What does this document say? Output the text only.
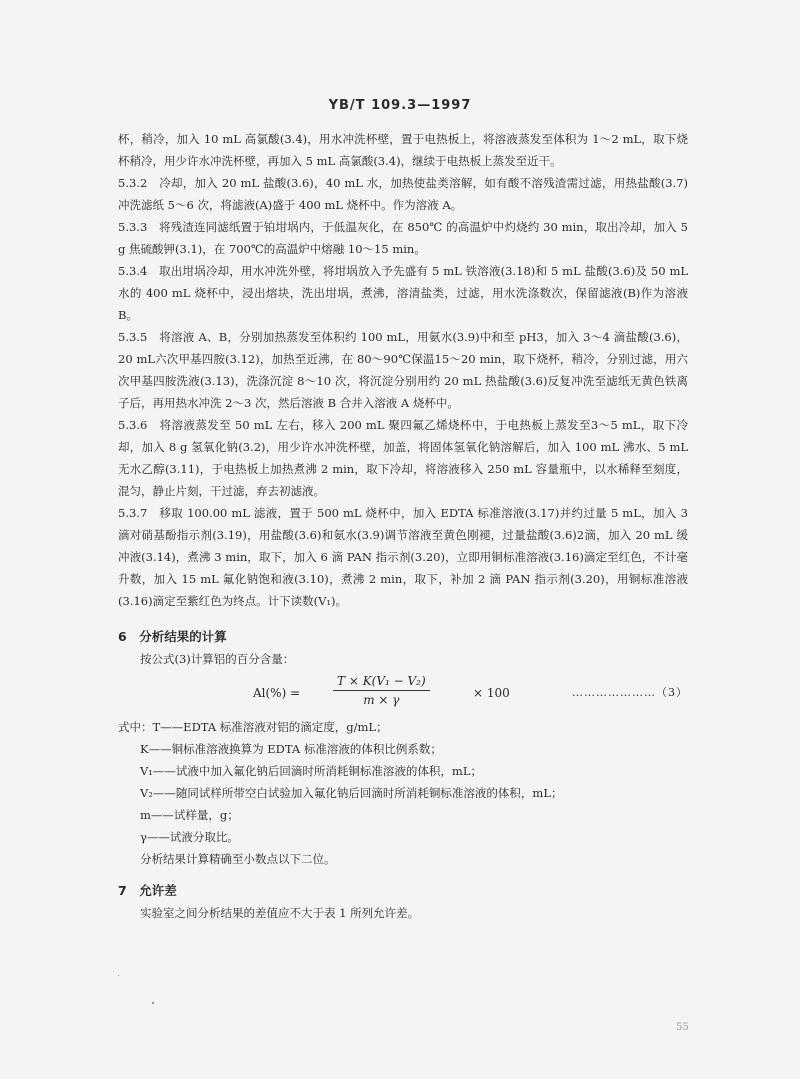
YB/T 109.3—1997

杯，稍冷，加入 10 mL 高氯酸(3.4)，用水冲洗杯壁，置于电热板上，将溶液蒸发至体积为 1～2 mL，取下烧杯稍冷，用少许水冲洗杯壁，再加入 5 mL 高氯酸(3.4)，继续于电热板上蒸发至近干。

5.3.2　冷却，加入 20 mL 盐酸(3.6)，40 mL 水，加热使盐类溶解，如有酸不溶残渣需过滤，用热盐酸(3.7)冲洗滤纸 5～6 次，将滤液(A)盛于 400 mL 烧杯中。作为溶液 A。

5.3.3　将残渣连同滤纸置于铂坩埚内，于低温灰化，在 850℃ 的高温炉中灼烧约 30 min，取出冷却，加入 5 g 焦硫酸钾(3.1)，在 700℃的高温炉中熔融 10～15 min。

5.3.4　取出坩埚冷却，用水冲洗外壁，将坩埚放入予先盛有 5 mL 铁溶液(3.18)和 5 mL 盐酸(3.6)及 50 mL 水的 400 mL 烧杯中，浸出熔块，洗出坩埚，煮沸，溶清盐类，过滤，用水洗涤数次，保留滤液(B)作为溶液 B。

5.3.5　将溶液 A、B，分别加热蒸发至体积约 100 mL，用氨水(3.9)中和至 pH3，加入 3～4 滴盐酸(3.6)，20 mL六次甲基四胺(3.12)，加热至近沸，在 80～90℃保温15～20 min，取下烧杯，稍冷，分别过滤，用六次甲基四胺洗液(3.13)，洗涤沉淀 8～10 次，将沉淀分别用约 20 mL 热盐酸(3.6)反复冲洗至滤纸无黄色铁离子后，再用热水冲洗 2～3 次，然后溶液 B 合并入溶液 A 烧杯中。

5.3.6　将溶液蒸发至 50 mL 左右，移入 200 mL 聚四氟乙烯烧杯中，于电热板上蒸发至3～5 mL，取下冷却，加入 8 g 氢氧化钠(3.2)，用少许水冲洗杯壁，加盖，将固体氢氧化钠溶解后，加入 100 mL 沸水、5 mL无水乙醇(3.11)，于电热板上加热煮沸 2 min，取下冷却，将溶液移入 250 mL 容量瓶中，以水稀释至刻度，混匀，静止片刻，干过滤，弃去初滤液。

5.3.7　移取 100.00 mL 滤液，置于 500 mL 烧杯中，加入 EDTA 标准溶液(3.17)并约过量 5 mL，加入 3 滴对硝基酚指示剂(3.19)，用盐酸(3.6)和氨水(3.9)调节溶液至黄色刚褪，过量盐酸(3.6)2滴，加入 20 mL 缓冲液(3.14)，煮沸 3 min，取下，加入 6 滴 PAN 指示剂(3.20)，立即用铜标准溶液(3.16)滴定至红色，不计毫升数，加入 15 mL 氟化钠饱和液(3.10)，煮沸 2 min，取下，补加 2 滴 PAN 指示剂(3.20)，用铜标准溶液(3.16)滴定至紫红色为终点。计下读数(V₁)。

6　分析结果的计算

按公式(3)计算铝的百分含量：

Al(%) =	$\frac{\text{T × K(V₁ − V₂)}}{m \times \gamma}$	× 100	…………………（3）
式中：T——EDTA 标准溶液对铝的滴定度，g/mL；
K——铜标准溶液换算为 EDTA 标准溶液的体积比例系数；
V₁——试液中加入氟化钠后回滴时所消耗铜标准溶液的体积，mL；
V₂——随同试样所带空白试验加入氟化钠后回滴时所消耗铜标准溶液的体积，mL；
m——试样量，g；
γ——试液分取比。

分析结果计算精确至小数点以下二位。

7　允许差

实验室之间分析结果的差值应不大于表 1 所列允许差。

55
